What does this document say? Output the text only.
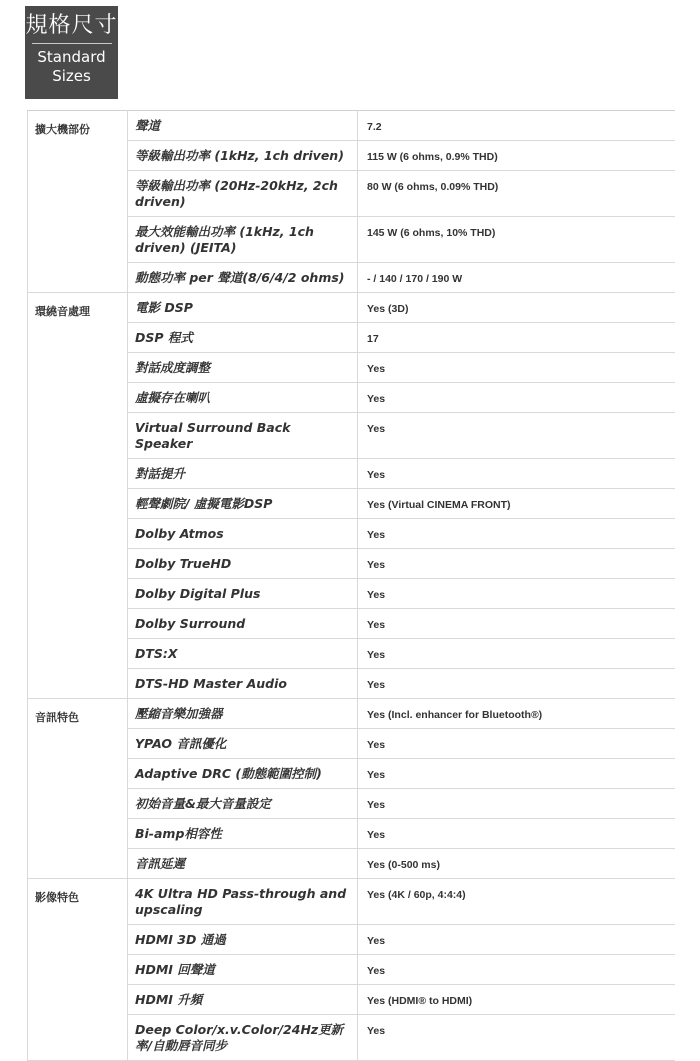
規格尺寸
Standard Sizes
擴大機部份	聲道	7.2
	等級輸出功率 (1kHz, 1ch driven)	115 W (6 ohms, 0.9% THD)
	等級輸出功率 (20Hz-20kHz, 2ch driven)	80 W (6 ohms, 0.09% THD)
	最大效能輸出功率 (1kHz, 1ch driven) (JEITA)	145 W (6 ohms, 10% THD)
	動態功率 per 聲道(8/6/4/2 ohms)	- / 140 / 170 / 190 W
環繞音處理	電影 DSP	Yes (3D)
	DSP 程式	17
	對話成度調整	Yes
	虛擬存在喇叭	Yes
	Virtual Surround Back Speaker	Yes
	對話提升	Yes
	輕聲劇院/ 虛擬電影DSP	Yes (Virtual CINEMA FRONT)
	Dolby Atmos	Yes
	Dolby TrueHD	Yes
	Dolby Digital Plus	Yes
	Dolby Surround	Yes
	DTS:X	Yes
	DTS-HD Master Audio	Yes
音訊特色	壓縮音樂加強器	Yes (Incl. enhancer for Bluetooth®)
	YPAO 音訊優化	Yes
	Adaptive DRC (動態範圍控制)	Yes
	初始音量&最大音量設定	Yes
	Bi-amp相容性	Yes
	音訊延遲	Yes (0-500 ms)
影像特色	4K Ultra HD Pass-through and upscaling	Yes (4K / 60p, 4:4:4)
	HDMI 3D 通過	Yes
	HDMI 回聲道	Yes
	HDMI 升頻	Yes (HDMI® to HDMI)
	Deep Color/x.v.Color/24Hz更新率/自動唇音同步	Yes
